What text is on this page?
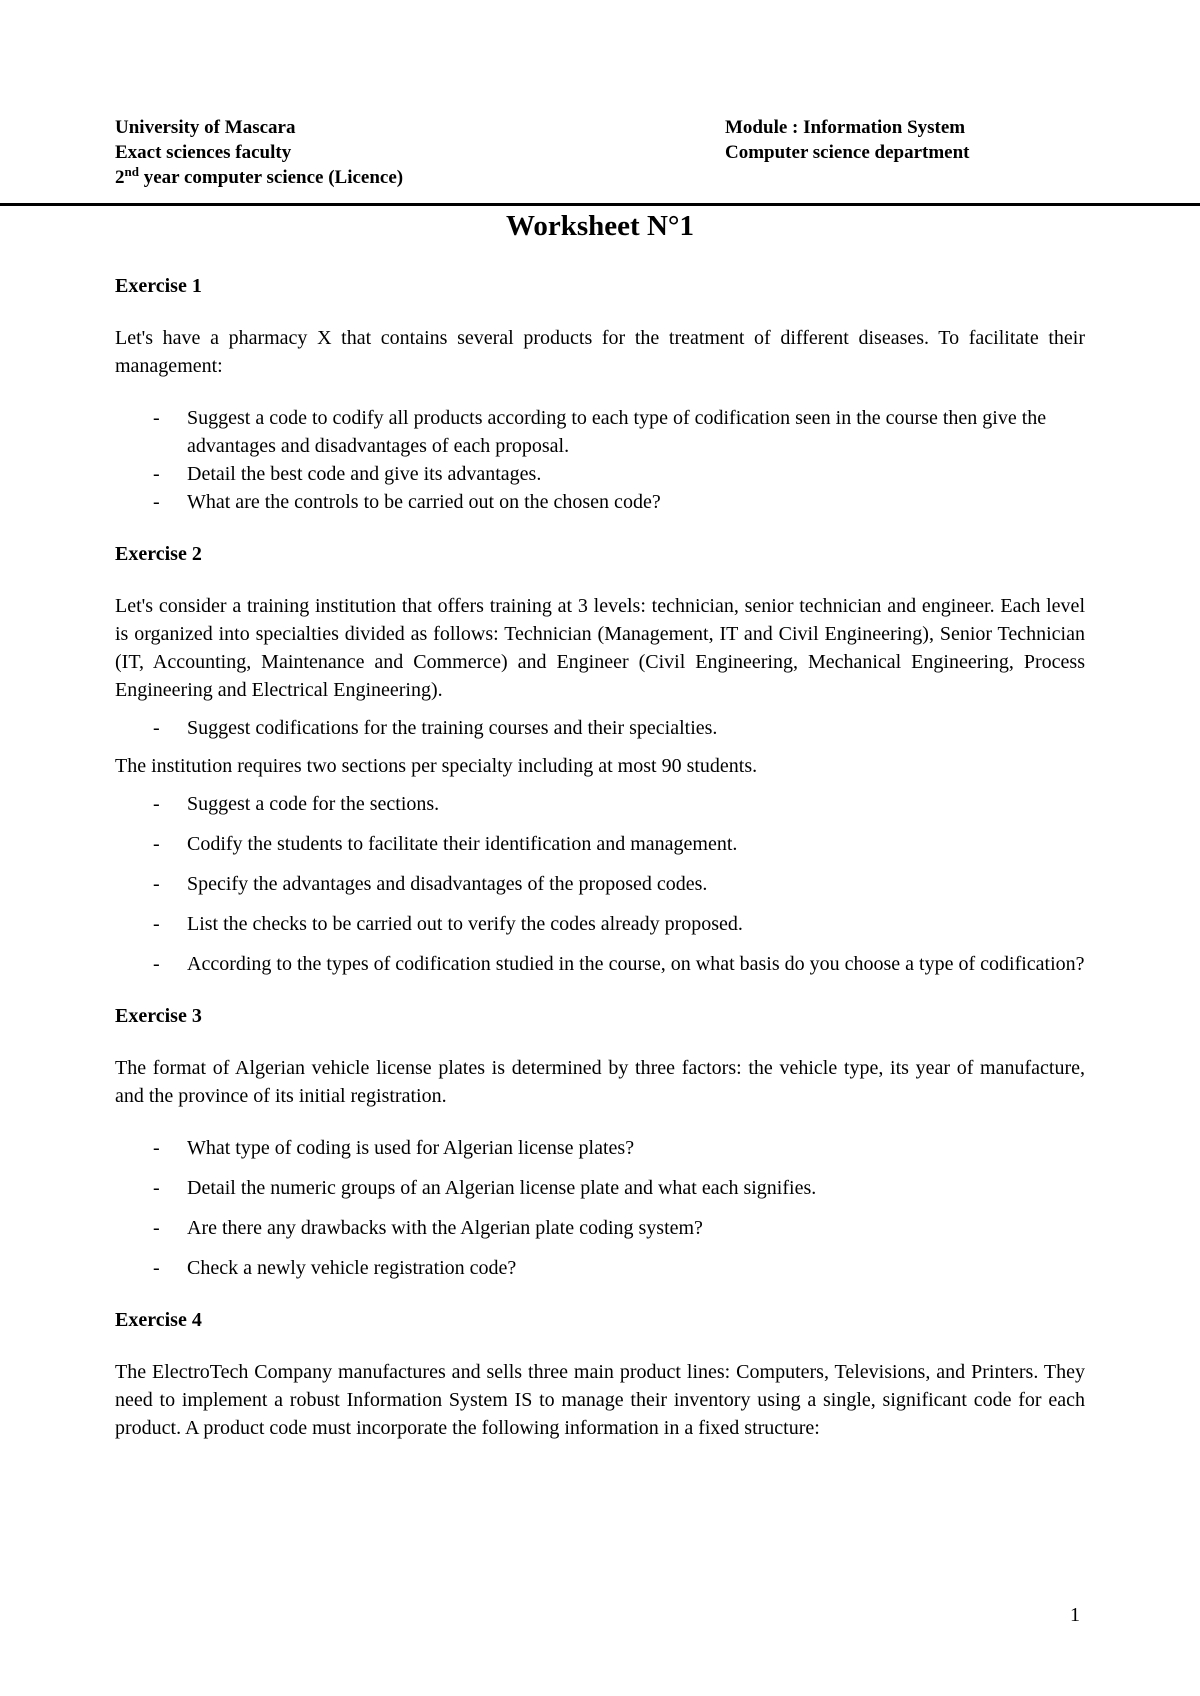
University of Mascara
Exact sciences faculty
2nd year computer science (Licence)
Module : Information System
Computer science department
Worksheet N°1

Exercise 1

Let's have a pharmacy X that contains several products for the treatment of different diseases. To facilitate their management:

- Suggest a code to codify all products according to each type of codification seen in the course then give the advantages and disadvantages of each proposal.
- Detail the best code and give its advantages.
- What are the controls to be carried out on the chosen code?

Exercise 2

Let's consider a training institution that offers training at 3 levels: technician, senior technician and engineer. Each level is organized into specialties divided as follows: Technician (Management, IT and Civil Engineering), Senior Technician (IT, Accounting, Maintenance and Commerce) and Engineer (Civil Engineering, Mechanical Engineering, Process Engineering and Electrical Engineering).

- Suggest codifications for the training courses and their specialties.

The institution requires two sections per specialty including at most 90 students.

- Suggest a code for the sections.
- Codify the students to facilitate their identification and management.
- Specify the advantages and disadvantages of the proposed codes.
- List the checks to be carried out to verify the codes already proposed.
- According to the types of codification studied in the course, on what basis do you choose a type of codification?

Exercise 3

The format of Algerian vehicle license plates is determined by three factors: the vehicle type, its year of manufacture, and the province of its initial registration.

- What type of coding is used for Algerian license plates?
- Detail the numeric groups of an Algerian license plate and what each signifies.
- Are there any drawbacks with the Algerian plate coding system?
- Check a newly vehicle registration code?

Exercise 4

The ElectroTech Company manufactures and sells three main product lines: Computers, Televisions, and Printers. They need to implement a robust Information System IS to manage their inventory using a single, significant code for each product. A product code must incorporate the following information in a fixed structure:

1
